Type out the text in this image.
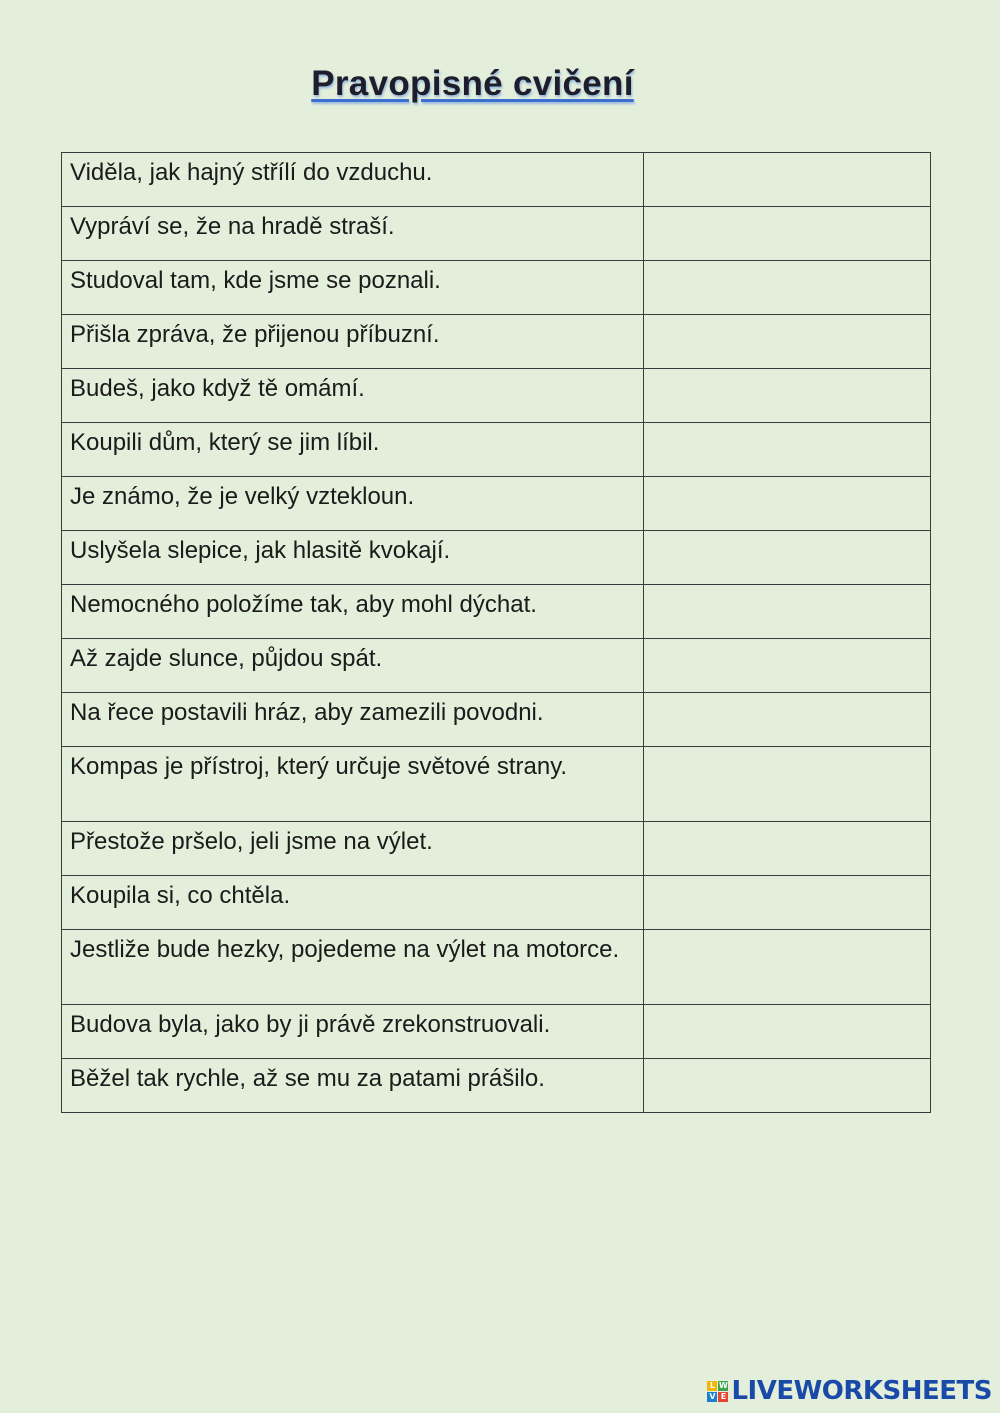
Pravopisné cvičení
Viděla, jak hajný střílí do vzduchu.	
Vypráví se, že na hradě straší.	
Studoval tam, kde jsme se poznali.	
Přišla zpráva, že přijenou příbuzní.	
Budeš, jako když tě omámí.	
Koupili dům, který se jim líbil.	
Je známo, že je velký vztekloun.	
Uslyšela slepice, jak hlasitě kvokají.	
Nemocného položíme tak, aby mohl dýchat.	
Až zajde slunce, půjdou spát.	
Na řece postavili hráz, aby zamezili povodni.	
Kompas je přístroj, který určuje světové strany.	
Přestože pršelo, jeli jsme na výlet.	
Koupila si, co chtěla.	
Jestliže bude hezky, pojedeme na výlet na motorce.	
Budova byla, jako by ji právě zrekonstruovali.	
Běžel tak rychle, až se mu za patami prášilo.	
L W
V E LIVEWORKSHEETS
